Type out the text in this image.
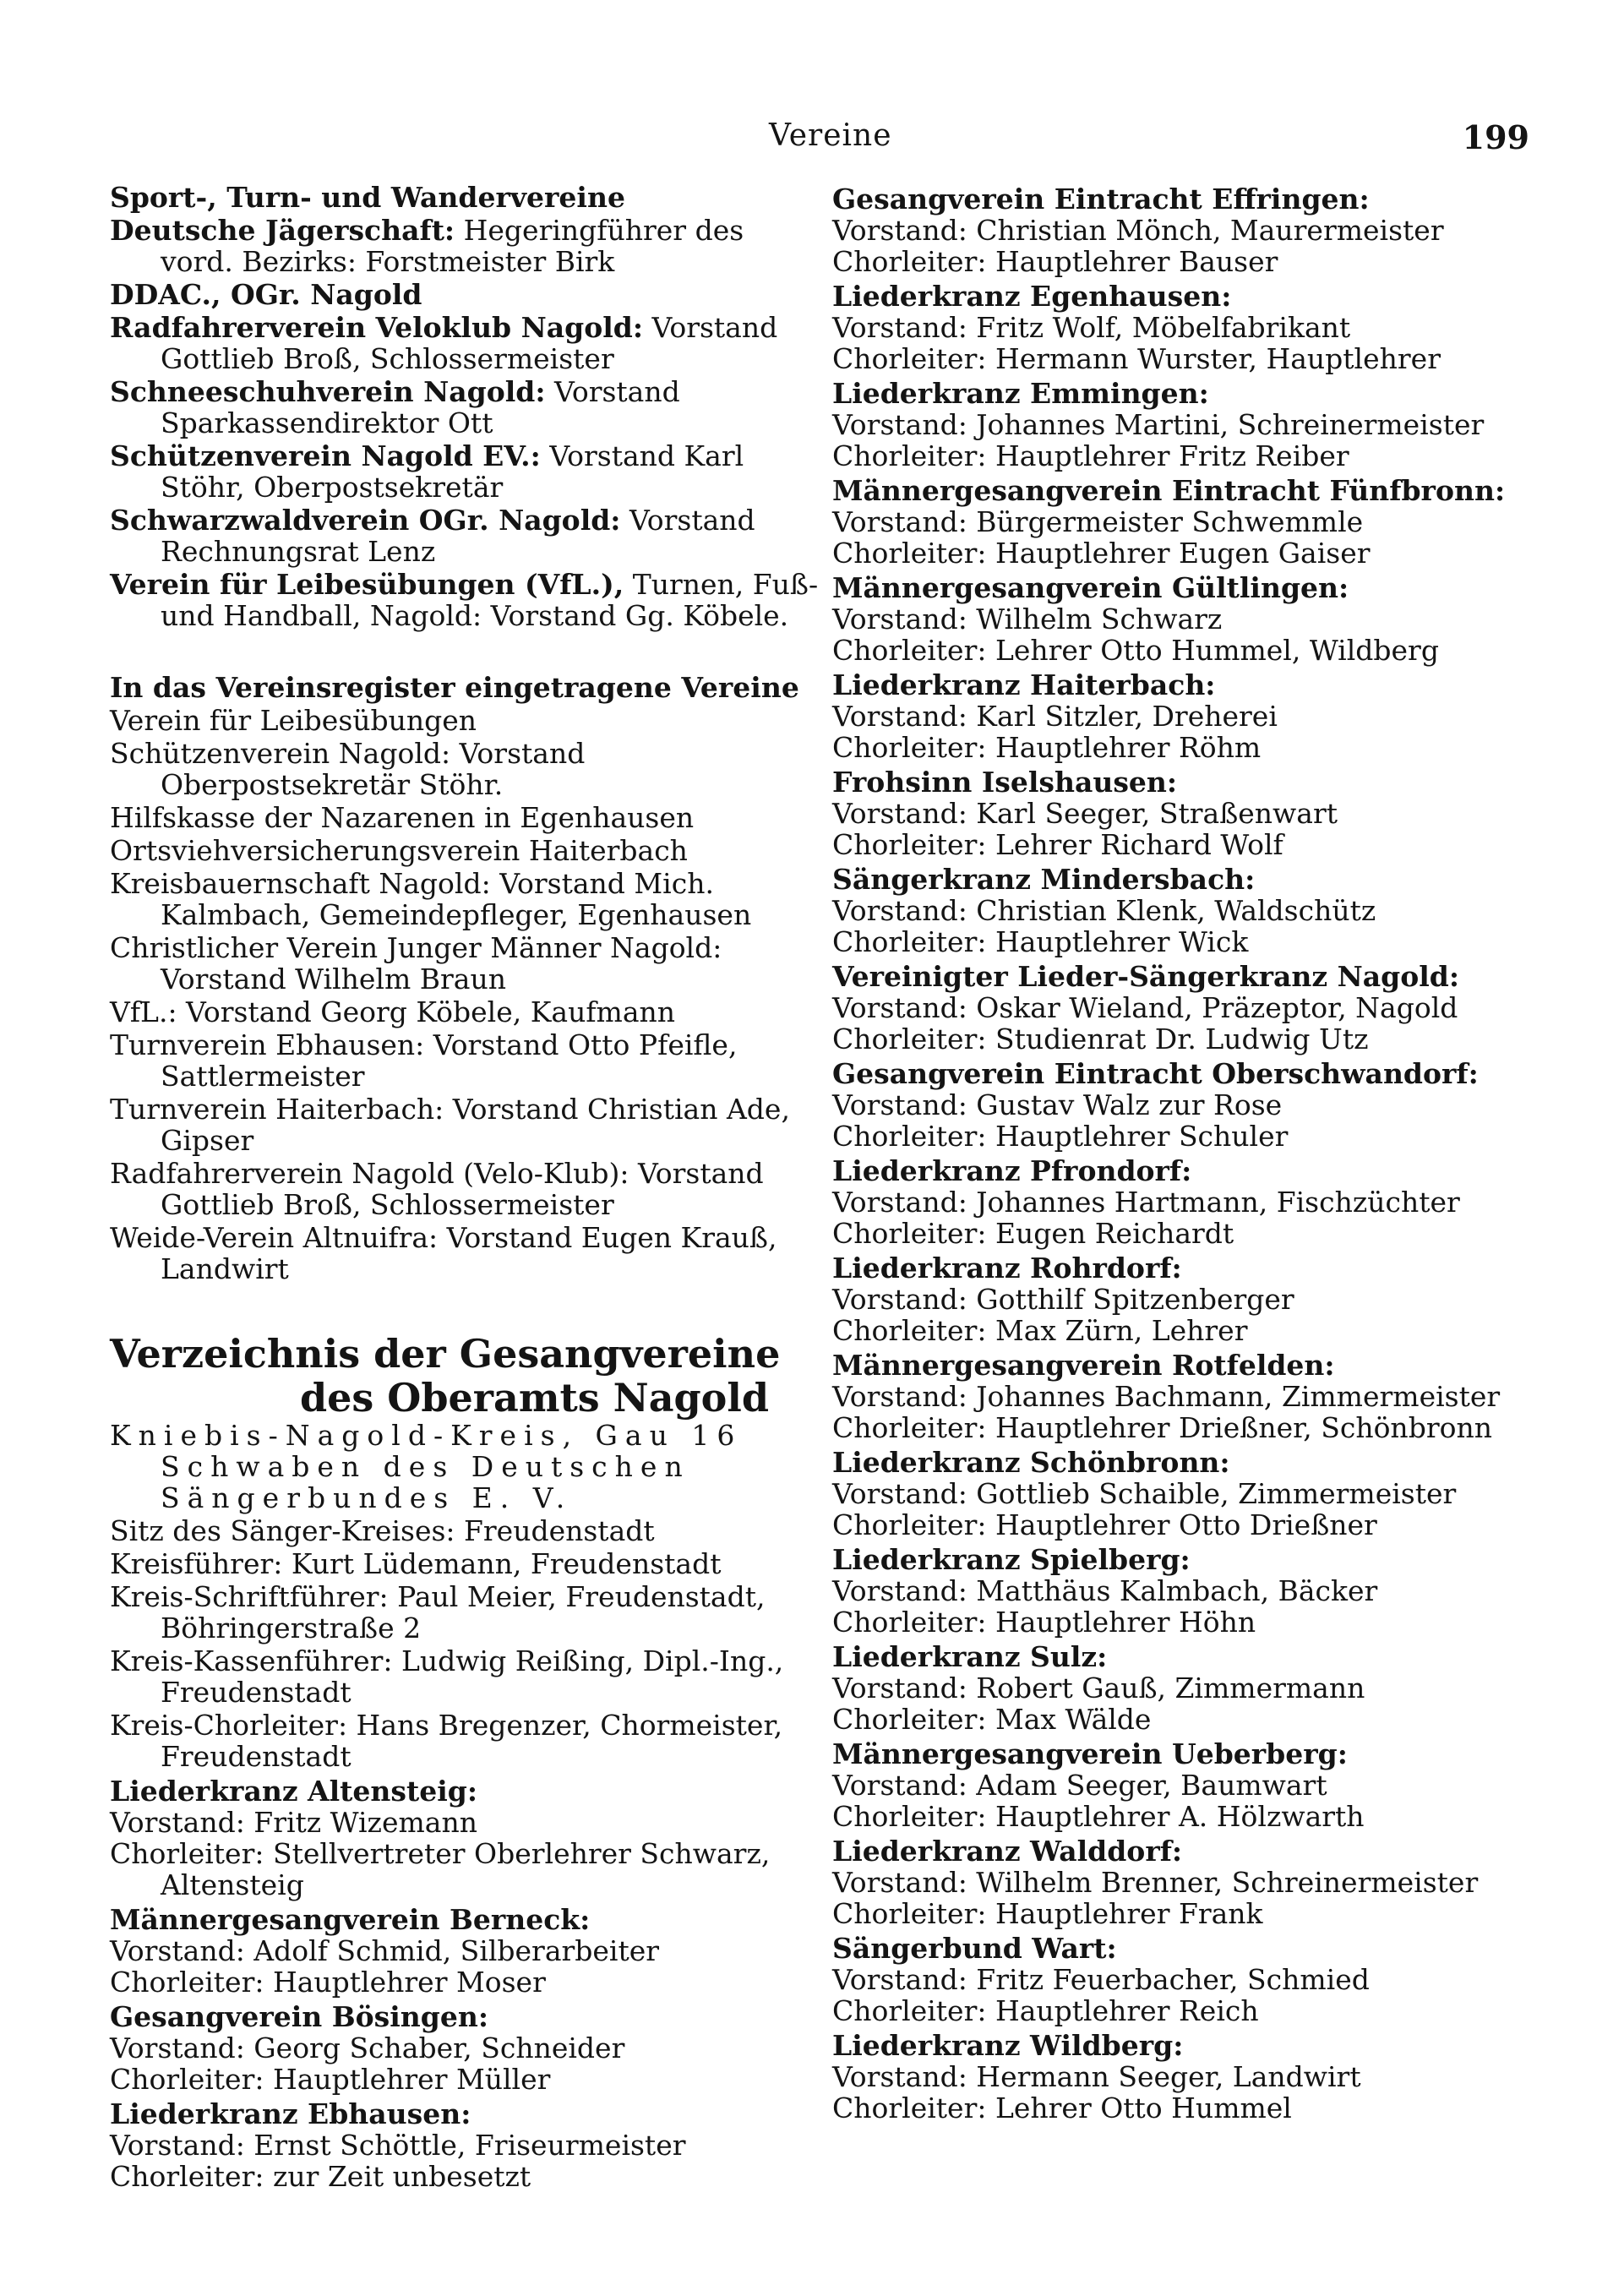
Vereine	199
Sport-, Turn- und Wandervereine
Deutsche Jägerschaft: Hegeringführer des vord. Bezirks: Forstmeister Birk
DDAC., OGr. Nagold
Radfahrerverein Veloklub Nagold: Vorstand Gottlieb Broß, Schlossermeister
Schneeschuhverein Nagold: Vorstand Sparkassendirektor Ott
Schützenverein Nagold EV.: Vorstand Karl Stöhr, Oberpostsekretär
Schwarzwaldverein OGr. Nagold: Vorstand Rechnungsrat Lenz
Verein für Leibesübungen (VfL.), Turnen, Fuß- und Handball, Nagold: Vorstand Gg. Köbele.
In das Vereinsregister eingetragene Vereine
Verein für Leibesübungen
Schützenverein Nagold: Vorstand Oberpostsekretär Stöhr.
Hilfskasse der Nazarenen in Egenhausen
Ortsviehversicherungsverein Haiterbach
Kreisbauernschaft Nagold: Vorstand Mich. Kalmbach, Gemeindepfleger, Egenhausen
Christlicher Verein Junger Männer Nagold: Vorstand Wilhelm Braun
VfL.: Vorstand Georg Köbele, Kaufmann
Turnverein Ebhausen: Vorstand Otto Pfeifle, Sattlermeister
Turnverein Haiterbach: Vorstand Christian Ade, Gipser
Radfahrerverein Nagold (Velo-Klub): Vorstand Gottlieb Broß, Schlossermeister
Weide-Verein Altnuifra: Vorstand Eugen Krauß, Landwirt
Verzeichnis der Gesangvereine
des Oberamts Nagold
Kniebis-Nagold-Kreis, Gau 16 Schwaben des Deutschen Sängerbundes E. V.
Sitz des Sänger-Kreises: Freudenstadt
Kreisführer: Kurt Lüdemann, Freudenstadt
Kreis-Schriftführer: Paul Meier, Freudenstadt, Böhringerstraße 2
Kreis-Kassenführer: Ludwig Reißing, Dipl.-Ing., Freudenstadt
Kreis-Chorleiter: Hans Bregenzer, Chormeister, Freudenstadt
Liederkranz Altensteig:
Vorstand: Fritz Wizemann
Chorleiter: Stellvertreter Oberlehrer Schwarz, Altensteig
Männergesangverein Berneck:
Vorstand: Adolf Schmid, Silberarbeiter
Chorleiter: Hauptlehrer Moser
Gesangverein Bösingen:
Vorstand: Georg Schaber, Schneider
Chorleiter: Hauptlehrer Müller
Liederkranz Ebhausen:
Vorstand: Ernst Schöttle, Friseurmeister
Chorleiter: zur Zeit unbesetzt
Gesangverein Eintracht Effringen:
Vorstand: Christian Mönch, Maurermeister
Chorleiter: Hauptlehrer Bauser
Liederkranz Egenhausen:
Vorstand: Fritz Wolf, Möbelfabrikant
Chorleiter: Hermann Wurster, Hauptlehrer
Liederkranz Emmingen:
Vorstand: Johannes Martini, Schreinermeister
Chorleiter: Hauptlehrer Fritz Reiber
Männergesangverein Eintracht Fünfbronn:
Vorstand: Bürgermeister Schwemmle
Chorleiter: Hauptlehrer Eugen Gaiser
Männergesangverein Gültlingen:
Vorstand: Wilhelm Schwarz
Chorleiter: Lehrer Otto Hummel, Wildberg
Liederkranz Haiterbach:
Vorstand: Karl Sitzler, Dreherei
Chorleiter: Hauptlehrer Röhm
Frohsinn Iselshausen:
Vorstand: Karl Seeger, Straßenwart
Chorleiter: Lehrer Richard Wolf
Sängerkranz Mindersbach:
Vorstand: Christian Klenk, Waldschütz
Chorleiter: Hauptlehrer Wick
Vereinigter Lieder-Sängerkranz Nagold:
Vorstand: Oskar Wieland, Präzeptor, Nagold
Chorleiter: Studienrat Dr. Ludwig Utz
Gesangverein Eintracht Oberschwandorf:
Vorstand: Gustav Walz zur Rose
Chorleiter: Hauptlehrer Schuler
Liederkranz Pfrondorf:
Vorstand: Johannes Hartmann, Fischzüchter
Chorleiter: Eugen Reichardt
Liederkranz Rohrdorf:
Vorstand: Gotthilf Spitzenberger
Chorleiter: Max Zürn, Lehrer
Männergesangverein Rotfelden:
Vorstand: Johannes Bachmann, Zimmermeister
Chorleiter: Hauptlehrer Drießner, Schönbronn
Liederkranz Schönbronn:
Vorstand: Gottlieb Schaible, Zimmermeister
Chorleiter: Hauptlehrer Otto Drießner
Liederkranz Spielberg:
Vorstand: Matthäus Kalmbach, Bäcker
Chorleiter: Hauptlehrer Höhn
Liederkranz Sulz:
Vorstand: Robert Gauß, Zimmermann
Chorleiter: Max Wälde
Männergesangverein Ueberberg:
Vorstand: Adam Seeger, Baumwart
Chorleiter: Hauptlehrer A. Hölzwarth
Liederkranz Walddorf:
Vorstand: Wilhelm Brenner, Schreinermeister
Chorleiter: Hauptlehrer Frank
Sängerbund Wart:
Vorstand: Fritz Feuerbacher, Schmied
Chorleiter: Hauptlehrer Reich
Liederkranz Wildberg:
Vorstand: Hermann Seeger, Landwirt
Chorleiter: Lehrer Otto Hummel
